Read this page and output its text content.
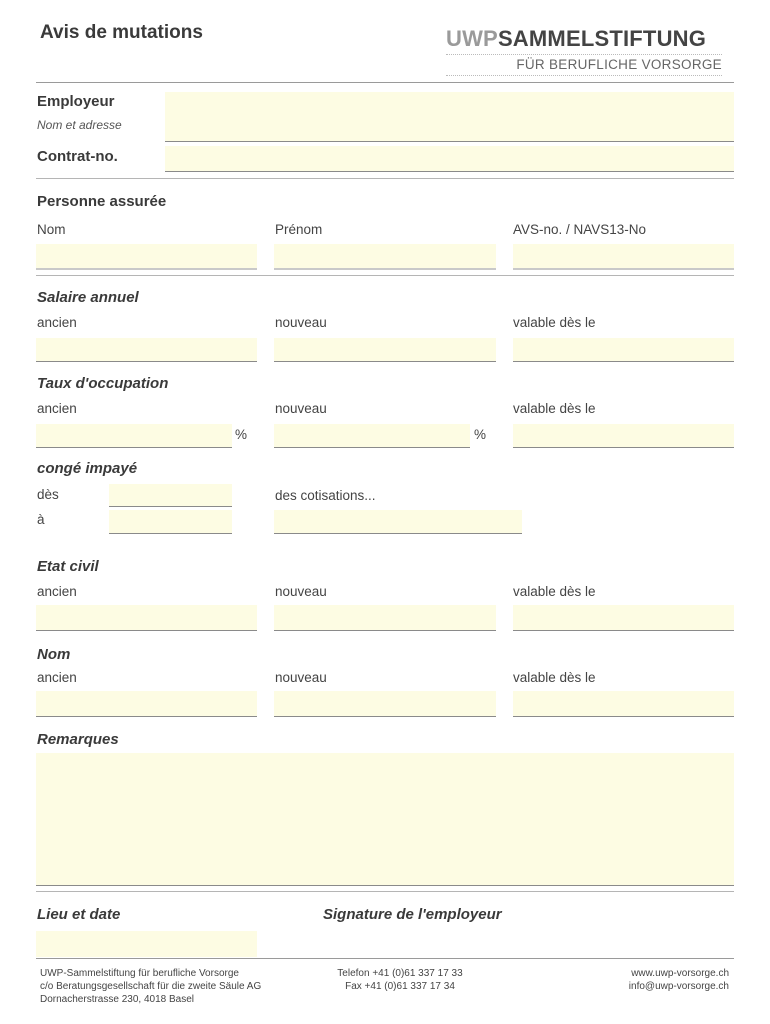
Avis de mutations	UWPSAMMELSTIFTUNG
FÜR BERUFLICHE VORSORGE
Employeur
Nom et adresse
Contrat-no.
Personne assurée
Nom	Prénom	AVS-no. / NAVS13-No
Salaire annuel
ancien	nouveau	valable dès le
Taux d'occupation
ancien	nouveau	valable dès le
%	%
congé impayé
dès
à
des cotisations...
Etat civil
ancien	nouveau	valable dès le
Nom
ancien	nouveau	valable dès le
Remarques
Lieu et date	Signature de l'employeur
UWP-Sammelstiftung für berufliche Vorsorge
c/o Beratungsgesellschaft für die zweite Säule AG
Dornacherstrasse 230, 4018 Basel
Telefon +41 (0)61 337 17 33
Fax +41 (0)61 337 17 34
www.uwp-vorsorge.ch
info@uwp-vorsorge.ch
